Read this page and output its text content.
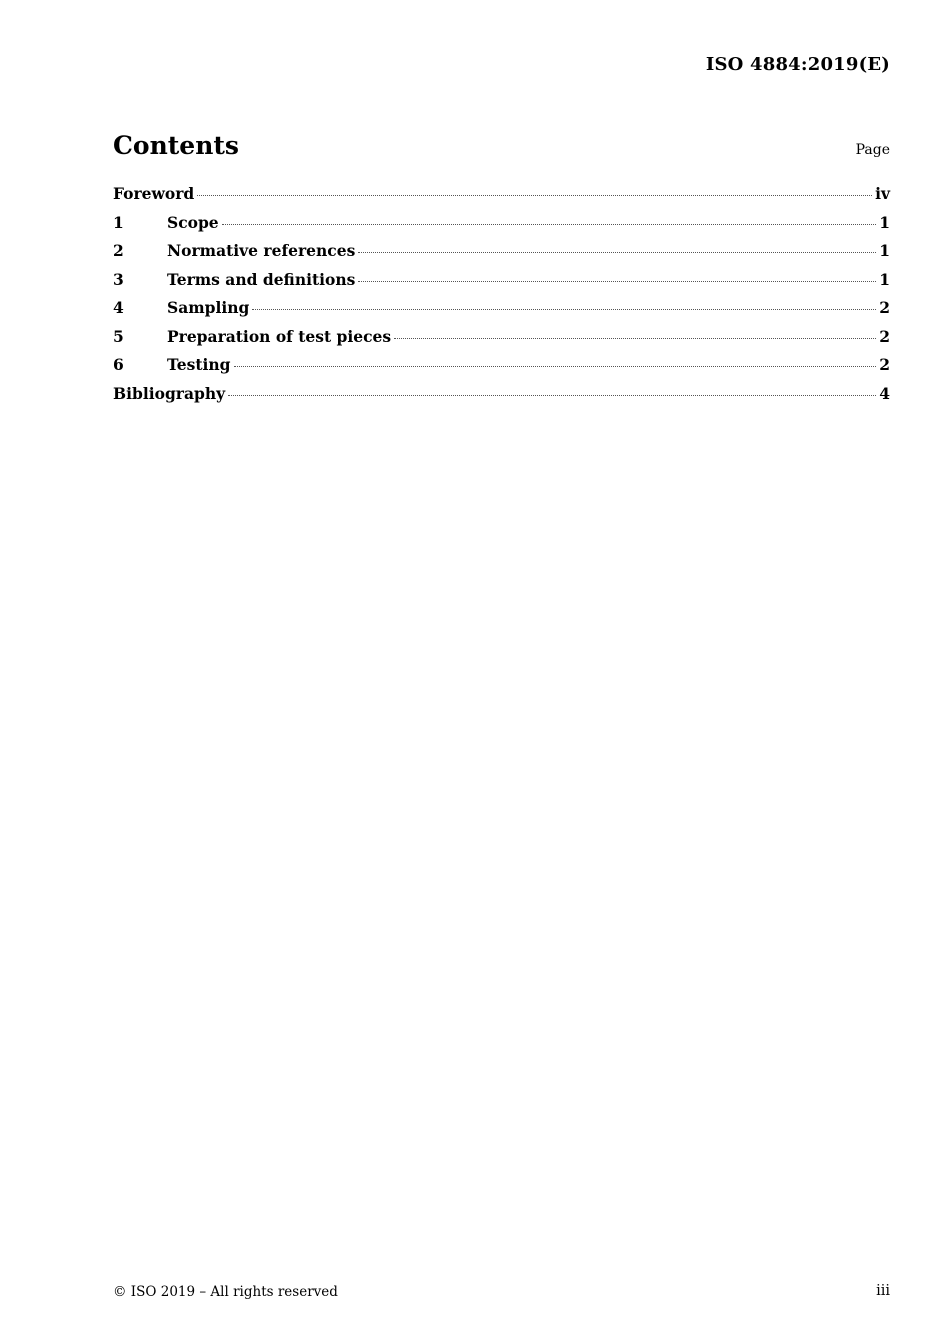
ISO 4884:2019(E)
Contents	Page
Foreword	iv
1	Scope	1
2	Normative references	1
3	Terms and definitions	1
4	Sampling	2
5	Preparation of test pieces	2
6	Testing	2
Bibliography	4
© ISO 2019 – All rights reserved	iii
